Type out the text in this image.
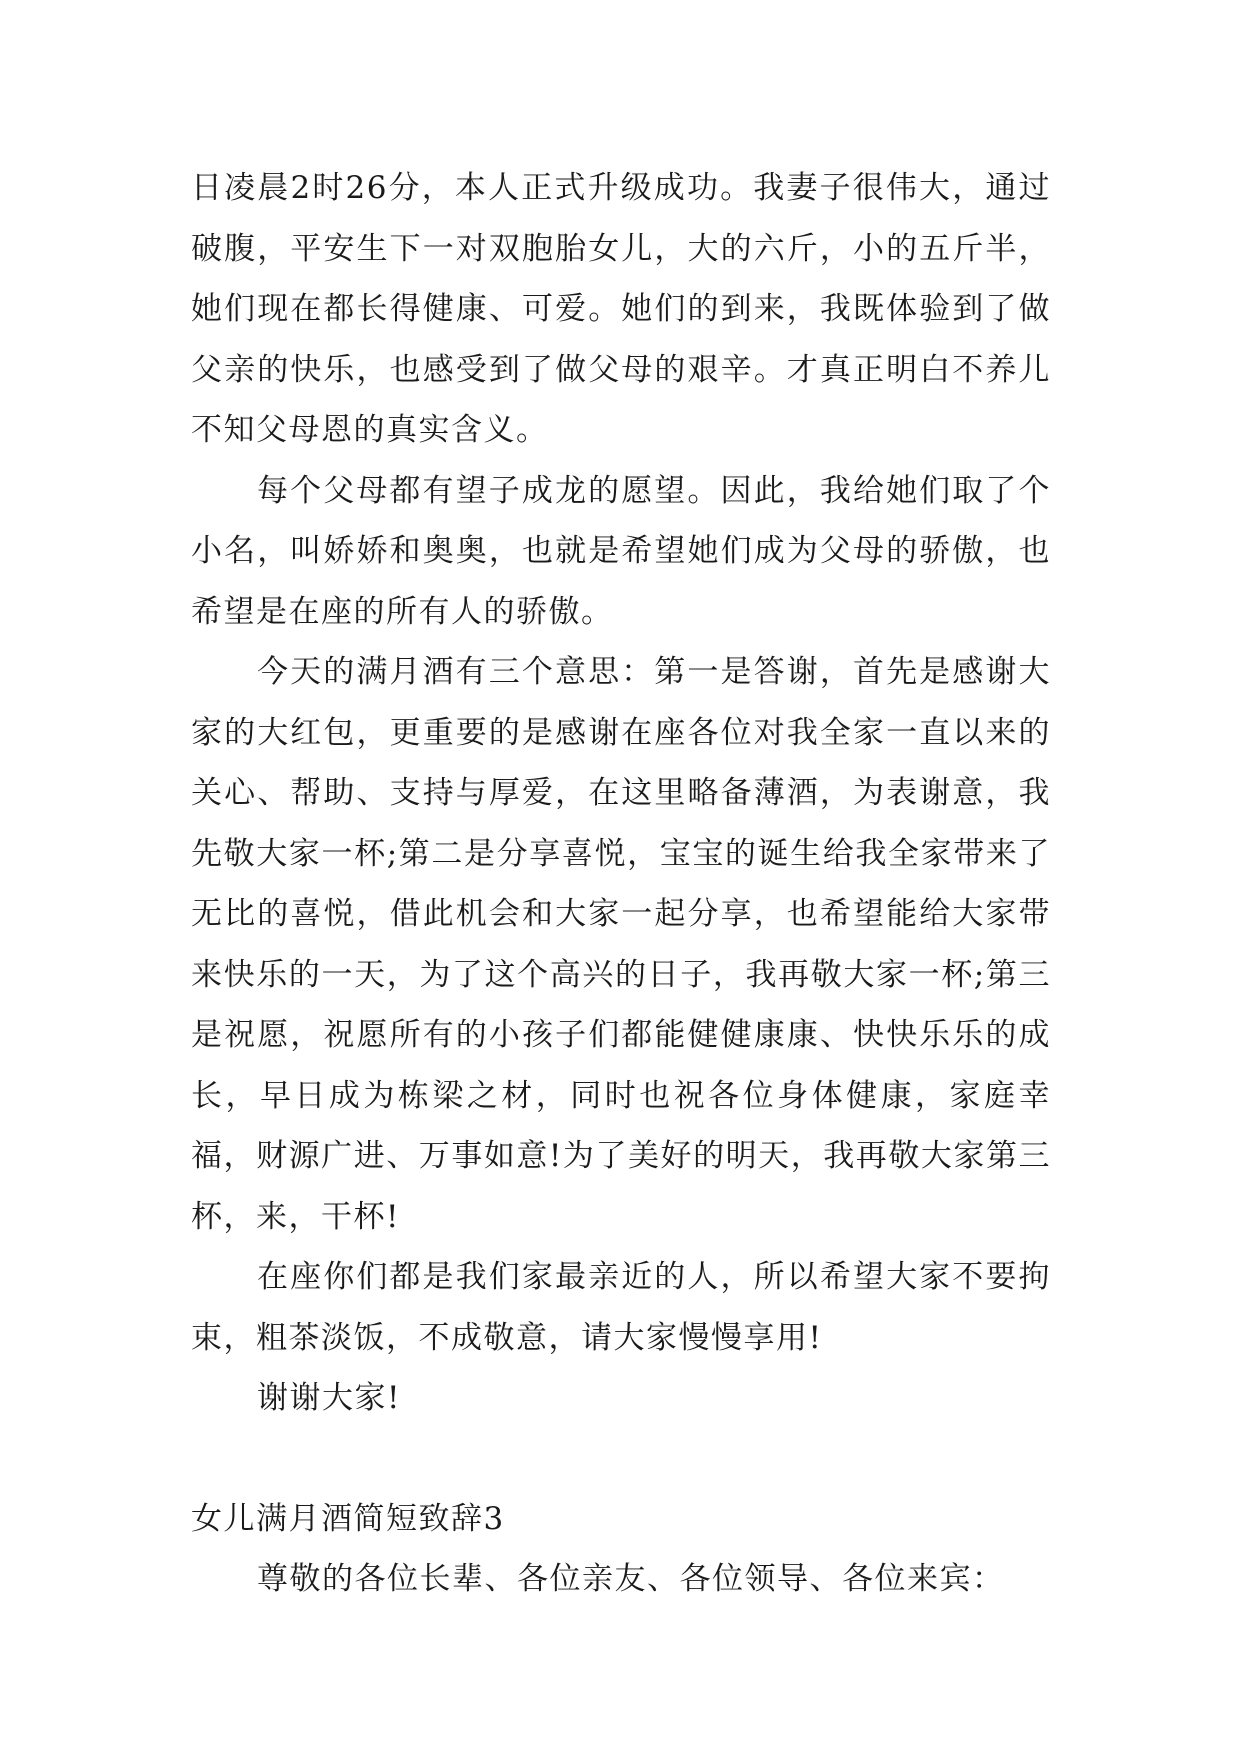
日凌晨2时26分，本人正式升级成功。我妻子很伟大，通过破腹，平安生下一对双胞胎女儿，大的六斤，小的五斤半，她们现在都长得健康、可爱。她们的到来，我既体验到了做父亲的快乐，也感受到了做父母的艰辛。才真正明白不养儿不知父母恩的真实含义。

每个父母都有望子成龙的愿望。因此，我给她们取了个小名，叫娇娇和奥奥，也就是希望她们成为父母的骄傲，也希望是在座的所有人的骄傲。

今天的满月酒有三个意思：第一是答谢，首先是感谢大家的大红包，更重要的是感谢在座各位对我全家一直以来的关心、帮助、支持与厚爱，在这里略备薄酒，为表谢意，我先敬大家一杯;第二是分享喜悦，宝宝的诞生给我全家带来了无比的喜悦，借此机会和大家一起分享，也希望能给大家带来快乐的一天，为了这个高兴的日子，我再敬大家一杯;第三是祝愿，祝愿所有的小孩子们都能健健康康、快快乐乐的成长，早日成为栋梁之材，同时也祝各位身体健康，家庭幸福，财源广进、万事如意!为了美好的明天，我再敬大家第三杯，来，干杯!

在座你们都是我们家最亲近的人，所以希望大家不要拘束，粗茶淡饭，不成敬意，请大家慢慢享用!

谢谢大家!

女儿满月酒简短致辞3

尊敬的各位长辈、各位亲友、各位领导、各位来宾：
